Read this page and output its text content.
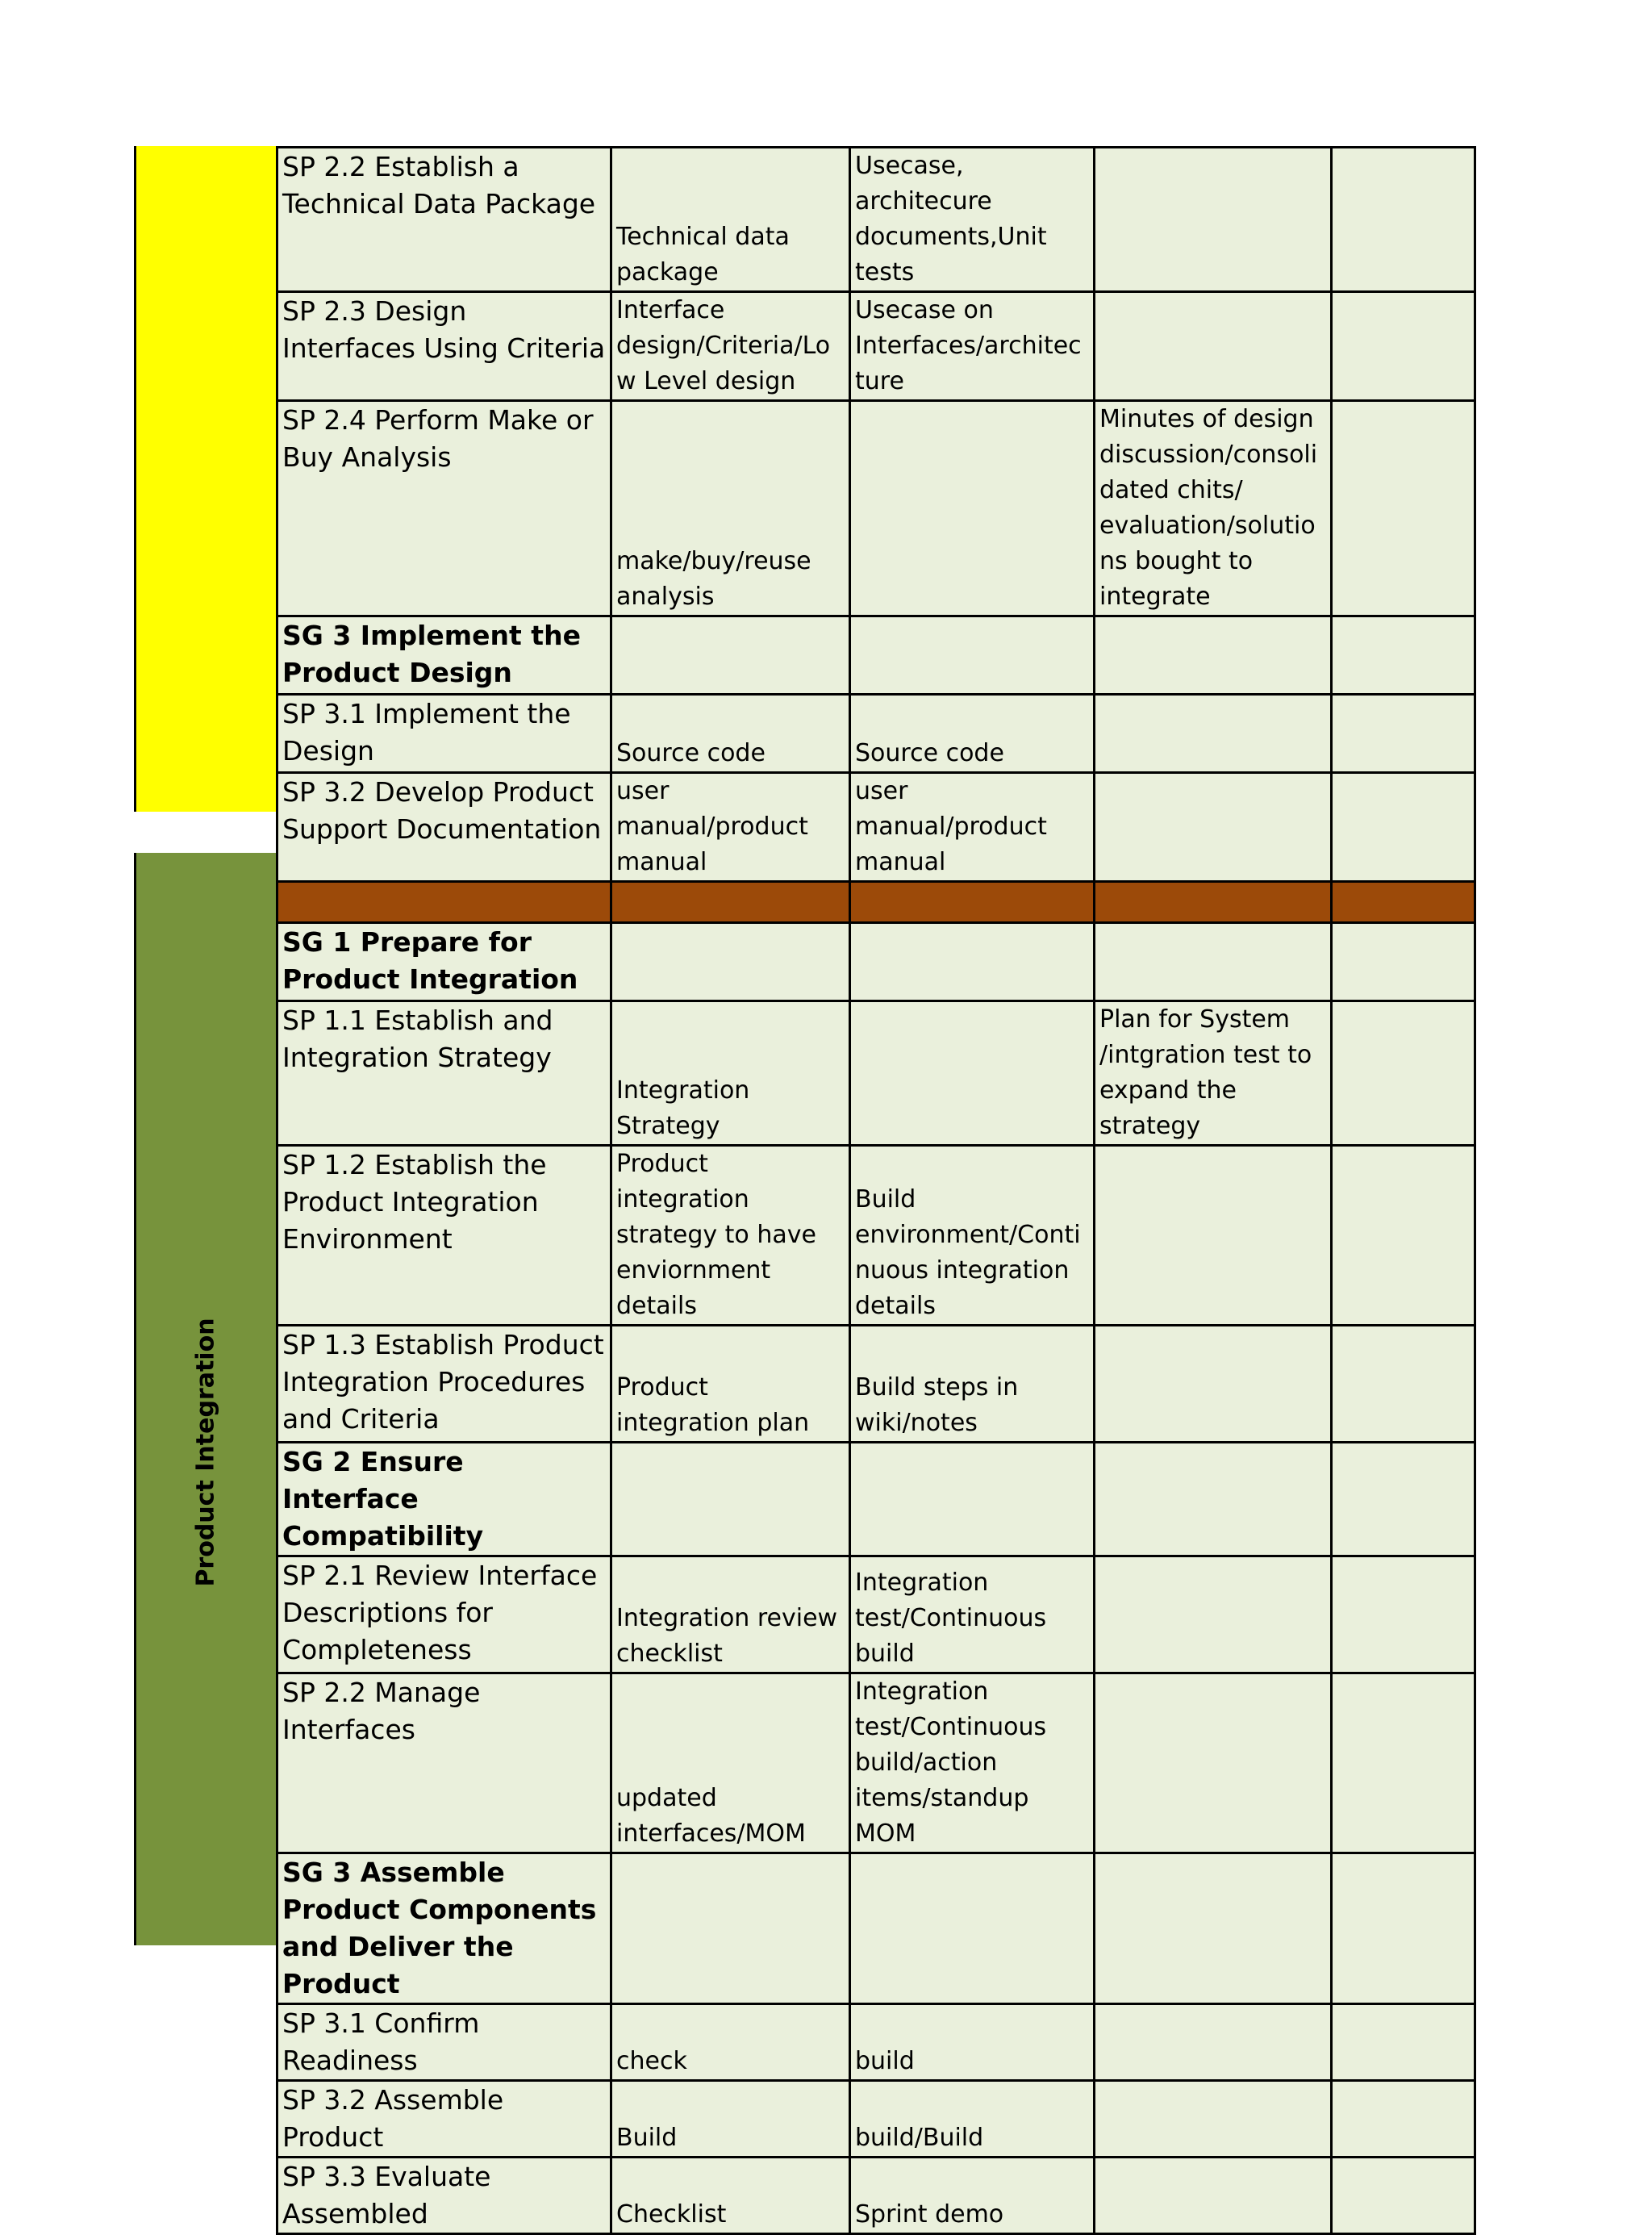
Product Integration
SP 2.2 Establish a Technical Data Package	Technical data package	Usecase, architecure documents,Unit tests		
SP 2.3 Design Interfaces Using Criteria	Interface design/Criteria/Low Level design	Usecase on Interfaces/architecture		
SP 2.4 Perform Make or Buy Analysis	make/buy/reuse analysis		Minutes of design discussion/consolidated chits/ evaluation/solutions bought to integrate	
SG 3 Implement the Product Design				
SP 3.1 Implement the Design	Source code	Source code		
SP 3.2 Develop Product Support Documentation	user manual/product manual	user manual/product manual		

SG 1 Prepare for Product Integration				
SP 1.1 Establish and Integration Strategy	Integration Strategy		Plan for System /intgration test to expand the strategy	
SP 1.2 Establish the Product Integration Environment	Product integration strategy to have enviornment details	Build environment/Continuous integration details		
SP 1.3 Establish Product Integration Procedures and Criteria	Product integration plan	Build steps in wiki/notes		
SG 2 Ensure Interface Compatibility				
SP 2.1 Review Interface Descriptions for Completeness	Integration review checklist	Integration test/Continuous build		
SP 2.2 Manage Interfaces	updated interfaces/MOM	Integration test/Continuous build/action items/standup MOM		
SG 3 Assemble Product Components and Deliver the Product				
SP 3.1 Confirm Readiness	check	build		
SP 3.2 Assemble Product	Build	build/Build		
SP 3.3 Evaluate Assembled	Checklist	Sprint demo		
